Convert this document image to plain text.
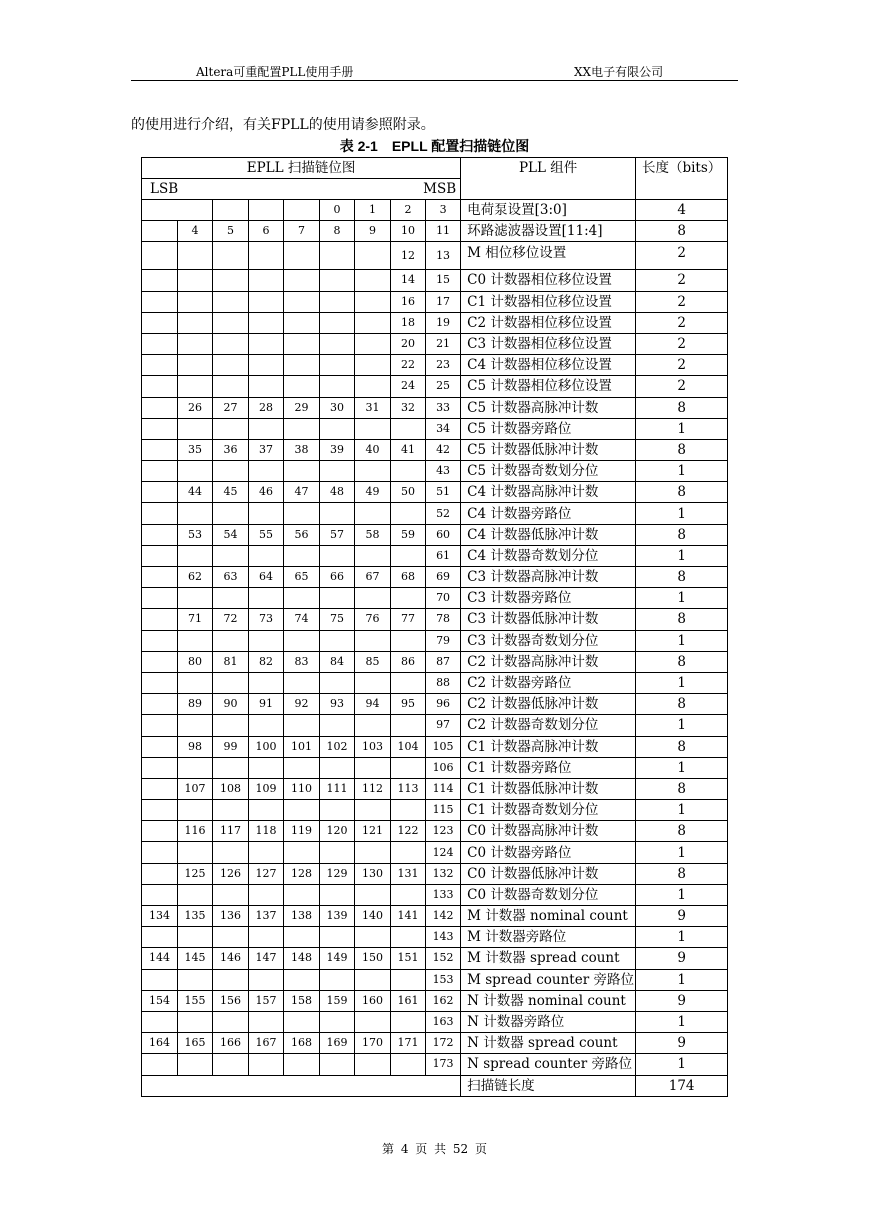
Altera可重配置PLL使用手册	XX电子有限公司
的使用进行介绍，有关FPLL的使用请参照附录。
表 2-1　EPLL 配置扫描链位图
EPLL 扫描链位图									PLL 组件	长度（bits）

LSB MSB										

					0	1	2	3	电荷泵设置[3:0]	4
	4	5	6	7	8	9	10	11	环路滤波器设置[11:4]	8
							12	13	M 相位移位设置	2
							14	15	C0 计数器相位移位设置	2
							16	17	C1 计数器相位移位设置	2
							18	19	C2 计数器相位移位设置	2
							20	21	C3 计数器相位移位设置	2
							22	23	C4 计数器相位移位设置	2
							24	25	C5 计数器相位移位设置	2
	26	27	28	29	30	31	32	33	C5 计数器高脉冲计数	8
								34	C5 计数器旁路位	1
	35	36	37	38	39	40	41	42	C5 计数器低脉冲计数	8
								43	C5 计数器奇数划分位	1
	44	45	46	47	48	49	50	51	C4 计数器高脉冲计数	8
								52	C4 计数器旁路位	1
	53	54	55	56	57	58	59	60	C4 计数器低脉冲计数	8
								61	C4 计数器奇数划分位	1
	62	63	64	65	66	67	68	69	C3 计数器高脉冲计数	8
								70	C3 计数器旁路位	1
	71	72	73	74	75	76	77	78	C3 计数器低脉冲计数	8
								79	C3 计数器奇数划分位	1
	80	81	82	83	84	85	86	87	C2 计数器高脉冲计数	8
								88	C2 计数器旁路位	1
	89	90	91	92	93	94	95	96	C2 计数器低脉冲计数	8
								97	C2 计数器奇数划分位	1
	98	99	100	101	102	103	104	105	C1 计数器高脉冲计数	8
								106	C1 计数器旁路位	1
	107	108	109	110	111	112	113	114	C1 计数器低脉冲计数	8
								115	C1 计数器奇数划分位	1
	116	117	118	119	120	121	122	123	C0 计数器高脉冲计数	8
								124	C0 计数器旁路位	1
	125	126	127	128	129	130	131	132	C0 计数器低脉冲计数	8
								133	C0 计数器奇数划分位	1
134	135	136	137	138	139	140	141	142	M 计数器 nominal count	9
								143	M 计数器旁路位	1
144	145	146	147	148	149	150	151	152	M 计数器 spread count	9
								153	M spread counter 旁路位	1
154	155	156	157	158	159	160	161	162	N 计数器 nominal count	9
								163	N 计数器旁路位	1
164	165	166	167	168	169	170	171	172	N 计数器 spread count	9
								173	N spread counter 旁路位	1
									扫描链长度	174
第 4 页 共 52 页
